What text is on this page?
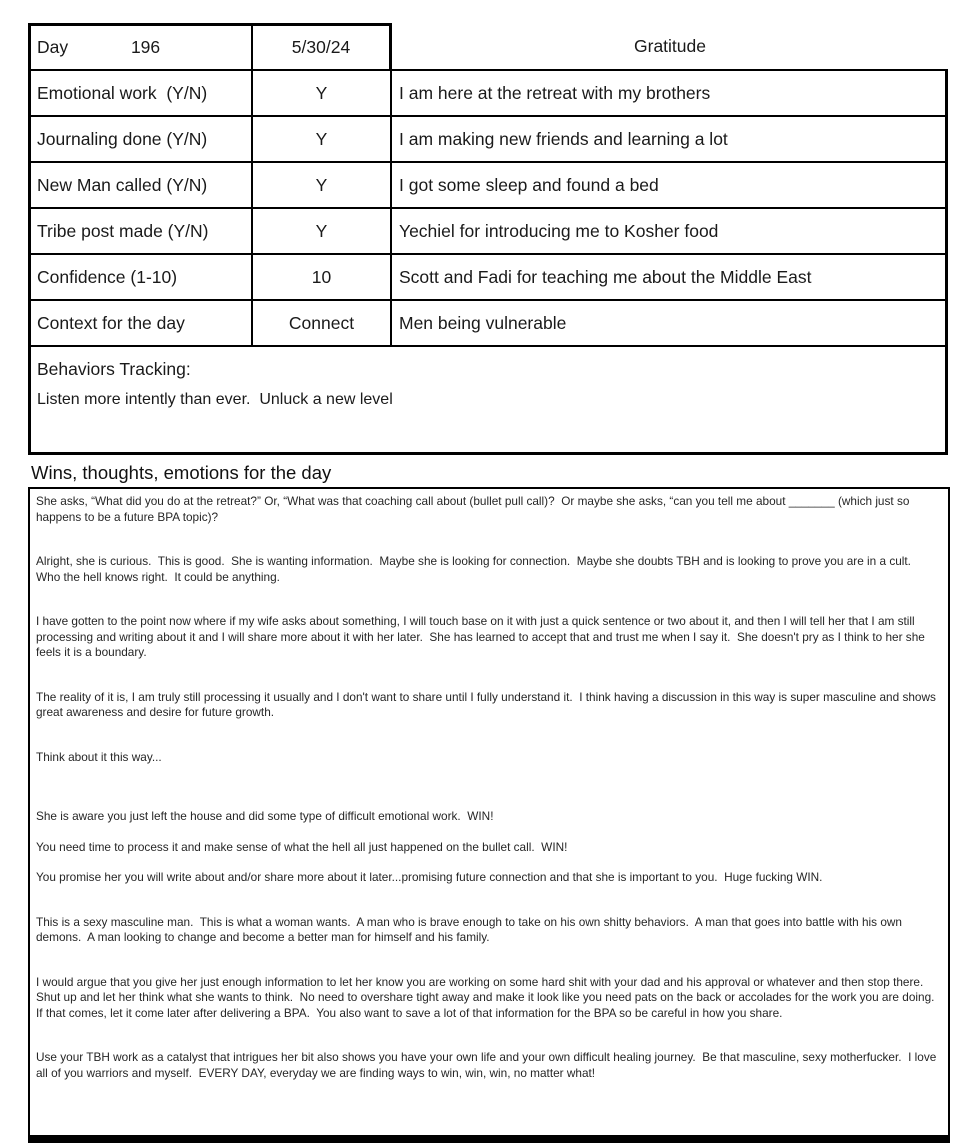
Day	196	5/30/24	Gratitude
Emotional work  (Y/N)	Y	I am here at the retreat with my brothers
Journaling done (Y/N)	Y	I am making new friends and learning a lot
New Man called (Y/N)	Y	I got some sleep and found a bed
Tribe post made (Y/N)	Y	Yechiel for introducing me to Kosher food
Confidence (1-10)	10	Scott and Fadi for teaching me about the Middle East
Context for the day	Connect	Men being vulnerable
Behaviors Tracking:
Listen more intently than ever.  Unluck a new level
Wins, thoughts, emotions for the day

She asks, “What did you do at the retreat?” Or, “What was that coaching call about (bullet pull call)?  Or maybe she asks, “can you tell me about _______ (which just so happens to be a future BPA topic)?

Alright, she is curious.  This is good.  She is wanting information.  Maybe she is looking for connection.  Maybe she doubts TBH and is looking to prove you are in a cult.  Who the hell knows right.  It could be anything.

I have gotten to the point now where if my wife asks about something, I will touch base on it with just a quick sentence or two about it, and then I will tell her that I am still processing and writing about it and I will share more about it with her later.  She has learned to accept that and trust me when I say it.  She doesn't pry as I think to her she feels it is a boundary.

The reality of it is, I am truly still processing it usually and I don't want to share until I fully understand it.  I think having a discussion in this way is super masculine and shows great awareness and desire for future growth.

Think about it this way...

She is aware you just left the house and did some type of difficult emotional work.  WIN!

You need time to process it and make sense of what the hell all just happened on the bullet call.  WIN!

You promise her you will write about and/or share more about it later...promising future connection and that she is important to you.  Huge fucking WIN.

This is a sexy masculine man.  This is what a woman wants.  A man who is brave enough to take on his own shitty behaviors.  A man that goes into battle with his own demons.  A man looking to change and become a better man for himself and his family.

I would argue that you give her just enough information to let her know you are working on some hard shit with your dad and his approval or whatever and then stop there.  Shut up and let her think what she wants to think.  No need to overshare tight away and make it look like you need pats on the back or accolades for the work you are doing.  If that comes, let it come later after delivering a BPA.  You also want to save a lot of that information for the BPA so be careful in how you share.

Use your TBH work as a catalyst that intrigues her bit also shows you have your own life and your own difficult healing journey.  Be that masculine, sexy motherfucker.  I love all of you warriors and myself.  EVERY DAY, everyday we are finding ways to win, win, win, no matter what!
